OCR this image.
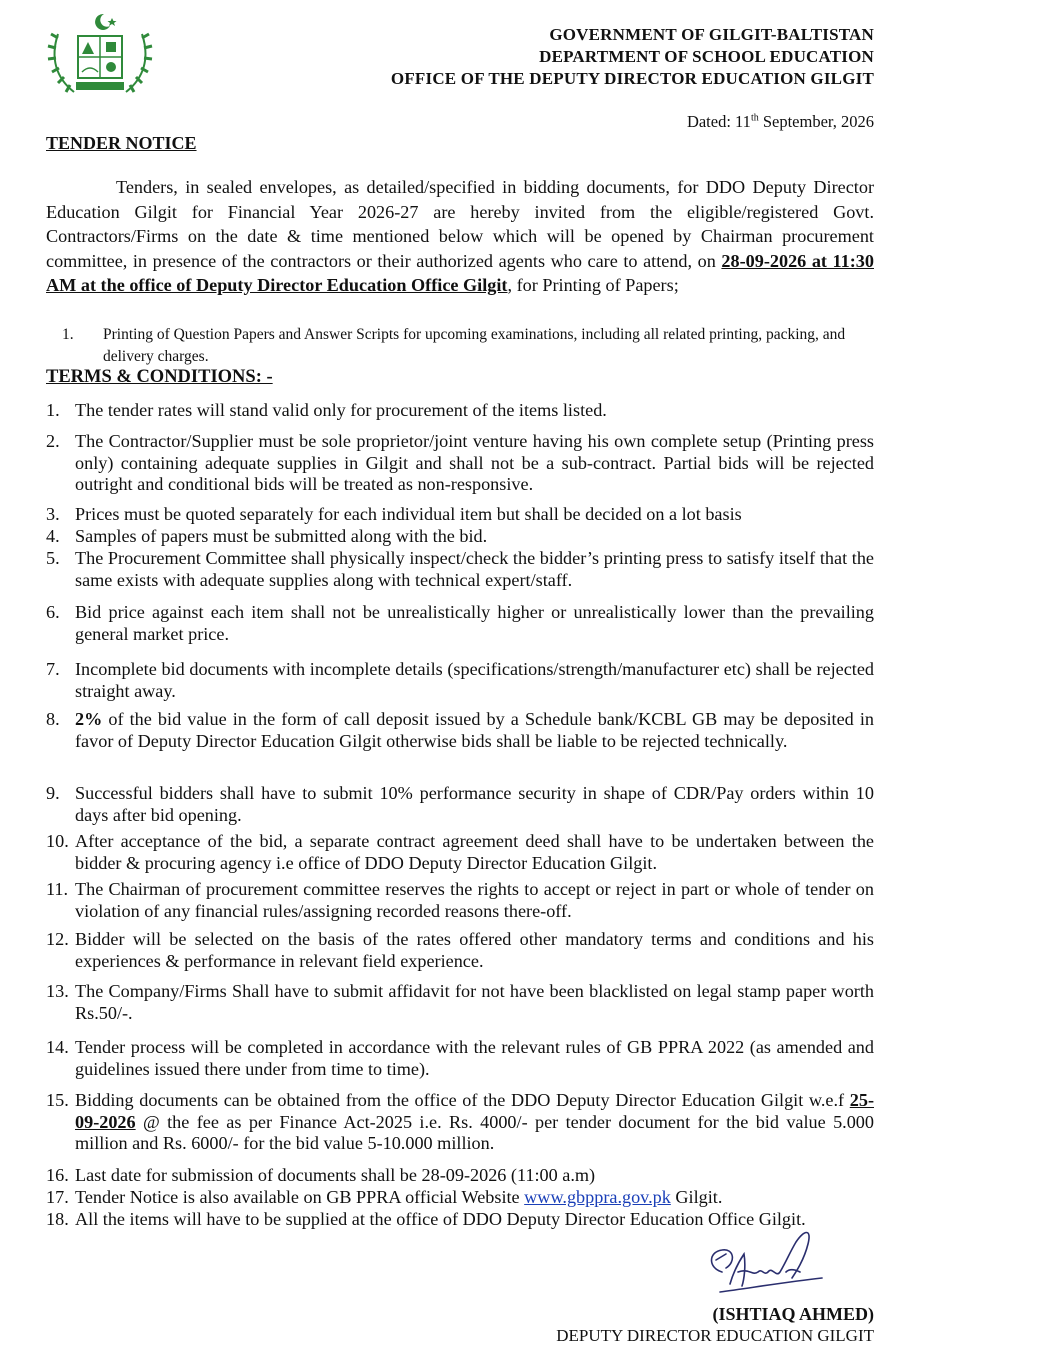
GOVERNMENT OF GILGIT-BALTISTAN
DEPARTMENT OF SCHOOL EDUCATION
OFFICE OF THE DEPUTY DIRECTOR EDUCATION GILGIT
Dated: 11th September, 2026
TENDER NOTICE
Tenders, in sealed envelopes, as detailed/specified in bidding documents, for DDO Deputy Director Education Gilgit for Financial Year 2026-27 are hereby invited from the eligible/registered Govt. Contractors/Firms on the date & time mentioned below which will be opened by Chairman procurement committee, in presence of the contractors or their authorized agents who care to attend, on 28-09-2026 at 11:30 AM at the office of Deputy Director Education Office Gilgit, for Printing of Papers;
1. Printing of Question Papers and Answer Scripts for upcoming examinations, including all related printing, packing, and delivery charges.
TERMS & CONDITIONS: -
1. The tender rates will stand valid only for procurement of the items listed.
2. The Contractor/Supplier must be sole proprietor/joint venture having his own complete setup (Printing press only) containing adequate supplies in Gilgit and shall not be a sub-contract. Partial bids will be rejected outright and conditional bids will be treated as non-responsive.
3. Prices must be quoted separately for each individual item but shall be decided on a lot basis
4. Samples of papers must be submitted along with the bid.
5. The Procurement Committee shall physically inspect/check the bidder’s printing press to satisfy itself that the same exists with adequate supplies along with technical expert/staff.
6. Bid price against each item shall not be unrealistically higher or unrealistically lower than the prevailing general market price.
7. Incomplete bid documents with incomplete details (specifications/strength/manufacturer etc) shall be rejected straight away.
8. 2% of the bid value in the form of call deposit issued by a Schedule bank/KCBL GB may be deposited in favor of Deputy Director Education Gilgit otherwise bids shall be liable to be rejected technically.
9. Successful bidders shall have to submit 10% performance security in shape of CDR/Pay orders within 10 days after bid opening.
10. After acceptance of the bid, a separate contract agreement deed shall have to be undertaken between the bidder & procuring agency i.e office of DDO Deputy Director Education Gilgit.
11. The Chairman of procurement committee reserves the rights to accept or reject in part or whole of tender on violation of any financial rules/assigning recorded reasons there-off.
12. Bidder will be selected on the basis of the rates offered other mandatory terms and conditions and his experiences & performance in relevant field experience.
13. The Company/Firms Shall have to submit affidavit for not have been blacklisted on legal stamp paper worth Rs.50/-.
14. Tender process will be completed in accordance with the relevant rules of GB PPRA 2022 (as amended and guidelines issued there under from time to time).
15. Bidding documents can be obtained from the office of the DDO Deputy Director Education Gilgit w.e.f 25-09-2026 @ the fee as per Finance Act-2025 i.e. Rs. 4000/- per tender document for the bid value 5.000 million and Rs. 6000/- for the bid value 5-10.000 million.
16. Last date for submission of documents shall be 28-09-2026 (11:00 a.m)
17. Tender Notice is also available on GB PPRA official Website www.gbppra.gov.pk Gilgit.
18. All the items will have to be supplied at the office of DDO Deputy Director Education Office Gilgit.
(ISHTIAQ AHMED)
DEPUTY DIRECTOR EDUCATION GILGIT
